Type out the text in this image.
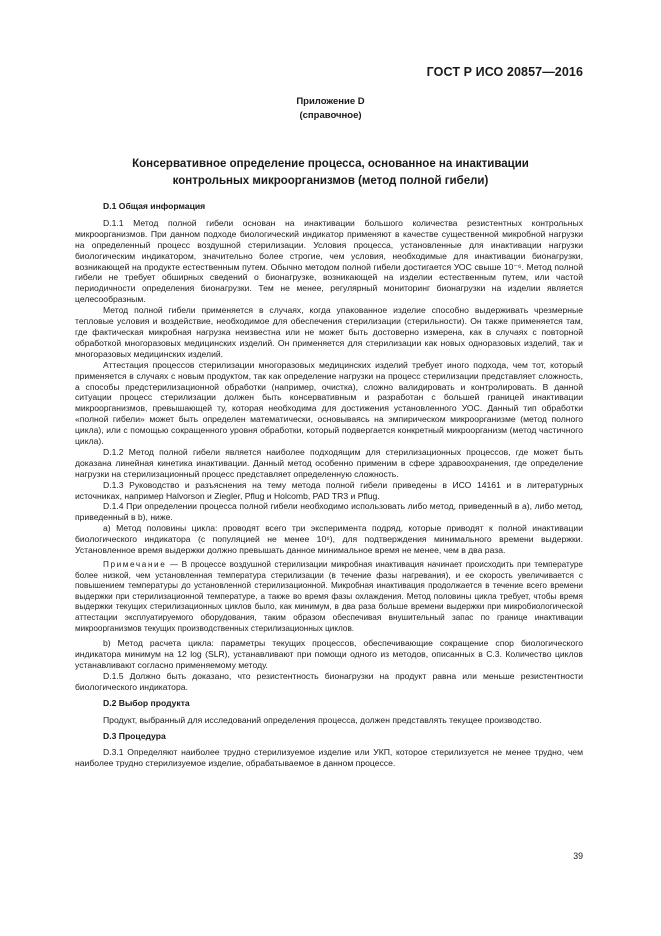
ГОСТ Р ИСО 20857—2016
Приложение D
(справочное)
Консервативное определение процесса, основанное на инактивации
контрольных микроорганизмов (метод полной гибели)

D.1 Общая информация

D.1.1 Метод полной гибели основан на инактивации большого количества резистентных контрольных микроорганизмов. При данном подходе биологический индикатор применяют в качестве существенной микробной нагрузки на определенный процесс воздушной стерилизации. Условия процесса, установленные для инактивации нагрузки биологическим индикатором, значительно более строгие, чем условия, необходимые для инактивации бионагрузки, возникающей на продукте естественным путем. Обычно методом полной гибели достигается УОС свыше 10⁻⁶. Метод полной гибели не требует обширных сведений о бионагрузке, возникающей на изделии естественным путем, или частой периодичности определения бионагрузки. Тем не менее, регулярный мониторинг бионагрузки на изделии является целесообразным.

Метод полной гибели применяется в случаях, когда упакованное изделие способно выдерживать чрезмерные тепловые условия и воздействие, необходимое для обеспечения стерилизации (стерильности). Он также применяется там, где фактическая микробная нагрузка неизвестна или не может быть достоверно измерена, как в случаях с повторной обработкой многоразовых медицинских изделий. Он применяется для стерилизации как новых одноразовых изделий, так и многоразовых медицинских изделий.

Аттестация процессов стерилизации многоразовых медицинских изделий требует иного подхода, чем тот, который применяется в случаях с новым продуктом, так как определение нагрузки на процесс стерилизации представляет сложность, а способы предстерилизационной обработки (например, очистка), сложно валидировать и контролировать. В данной ситуации процесс стерилизации должен быть консервативным и разработан с большей границей инактивации микроорганизмов, превышающей ту, которая необходима для достижения установленного УОС. Данный тип обработки «полной гибели» может быть определен математически, основываясь на эмпирическом микроорганизме (метод полного цикла), или с помощью сокращенного уровня обработки, который подвергается конкретный микроорганизм (метод частичного цикла).

D.1.2 Метод полной гибели является наиболее подходящим для стерилизационных процессов, где может быть доказана линейная кинетика инактивации. Данный метод особенно применим в сфере здравоохранения, где определение нагрузки на стерилизационный процесс представляет определенную сложность.

D.1.3 Руководство и разъяснения на тему метода полной гибели приведены в ИСО 14161 и в литературных источниках, например Halvorson и Ziegler, Pflug и Holcomb, PAD TR3 и Pflug.

D.1.4 При определении процесса полной гибели необходимо использовать либо метод, приведенный в а), либо метод, приведенный в b), ниже.

a) Метод половины цикла: проводят всего три эксперимента подряд, которые приводят к полной инактивации биологического индикатора (с популяцией не менее 10⁶), для подтверждения минимального времени выдержки. Установленное время выдержки должно превышать данное минимальное время не менее, чем в два раза.

Примечание — В процессе воздушной стерилизации микробная инактивация начинает происходить при температуре более низкой, чем установленная температура стерилизации (в течение фазы нагревания), и ее скорость увеличивается с повышением температуры до установленной стерилизационной. Микробная инактивация продолжается в течение всего времени выдержки при стерилизационной температуре, а также во время фазы охлаждения. Метод половины цикла требует, чтобы время выдержки текущих стерилизационных циклов было, как минимум, в два раза больше времени выдержки при микробиологической аттестации эксплуатируемого оборудования, таким образом обеспечивая внушительный запас по границе инактивации микроорганизмов текущих производственных стерилизационных циклов.

b) Метод расчета цикла: параметры текущих процессов, обеспечивающие сокращение спор биологического индикатора минимум на 12 log (SLR), устанавливают при помощи одного из методов, описанных в С.3. Количество циклов устанавливают согласно применяемому методу.

D.1.5 Должно быть доказано, что резистентность бионагрузки на продукт равна или меньше резистентности биологического индикатора.

D.2 Выбор продукта

Продукт, выбранный для исследований определения процесса, должен представлять текущее производство.

D.3 Процедура

D.3.1 Определяют наиболее трудно стерилизуемое изделие или УКП, которое стерилизуется не менее трудно, чем наиболее трудно стерилизуемое изделие, обрабатываемое в данном процессе.

39
